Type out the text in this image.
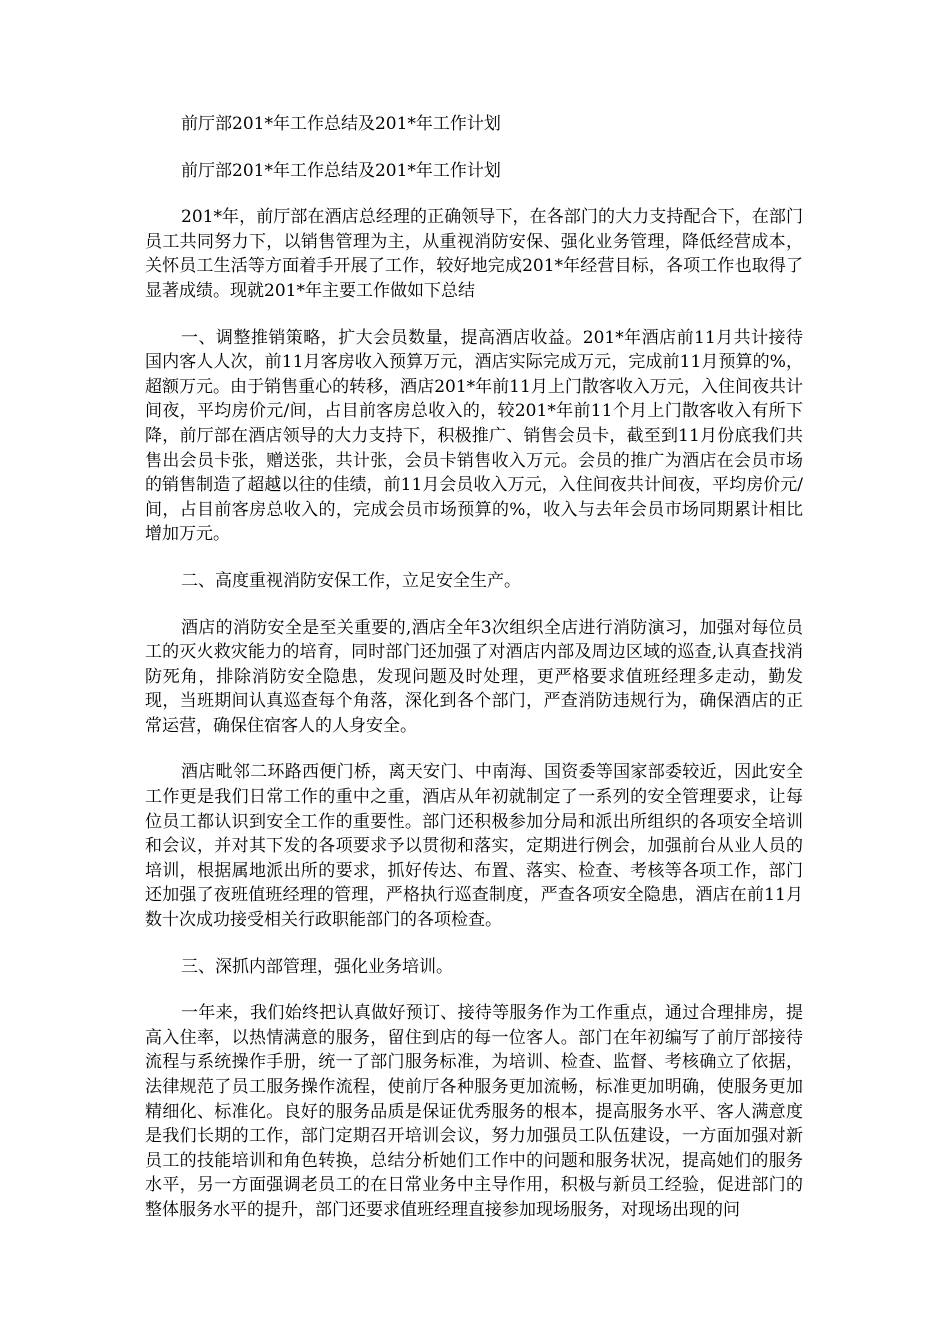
前厅部201*年工作总结及201*年工作计划

前厅部201*年工作总结及201*年工作计划

201*年，前厅部在酒店总经理的正确领导下，在各部门的大力支持配合下，在部门员工共同努力下，以销售管理为主，从重视消防安保、强化业务管理，降低经营成本，关怀员工生活等方面着手开展了工作，较好地完成201*年经营目标，各项工作也取得了显著成绩。现就201*年主要工作做如下总结

一、调整推销策略，扩大会员数量，提高酒店收益。201*年酒店前11月共计接待国内客人人次，前11月客房收入预算万元，酒店实际完成万元，完成前11月预算的%，超额万元。由于销售重心的转移，酒店201*年前11月上门散客收入万元，入住间夜共计间夜，平均房价元/间，占目前客房总收入的，较201*年前11个月上门散客收入有所下降，前厅部在酒店领导的大力支持下，积极推广、销售会员卡，截至到11月份底我们共售出会员卡张，赠送张，共计张，会员卡销售收入万元。会员的推广为酒店在会员市场的销售制造了超越以往的佳绩，前11月会员收入万元，入住间夜共计间夜，平均房价元/间，占目前客房总收入的，完成会员市场预算的%，收入与去年会员市场同期累计相比增加万元。

二、高度重视消防安保工作，立足安全生产。

酒店的消防安全是至关重要的,酒店全年3次组织全店进行消防演习，加强对每位员工的灭火救灾能力的培育，同时部门还加强了对酒店内部及周边区域的巡查,认真查找消防死角，排除消防安全隐患，发现问题及时处理，更严格要求值班经理多走动，勤发现，当班期间认真巡查每个角落，深化到各个部门，严查消防违规行为，确保酒店的正常运营，确保住宿客人的人身安全。

酒店毗邻二环路西便门桥，离天安门、中南海、国资委等国家部委较近，因此安全工作更是我们日常工作的重中之重，酒店从年初就制定了一系列的安全管理要求，让每位员工都认识到安全工作的重要性。部门还积极参加分局和派出所组织的各项安全培训和会议，并对其下发的各项要求予以贯彻和落实，定期进行例会，加强前台从业人员的培训，根据属地派出所的要求，抓好传达、布置、落实、检查、考核等各项工作，部门还加强了夜班值班经理的管理，严格执行巡查制度，严查各项安全隐患，酒店在前11月数十次成功接受相关行政职能部门的各项检查。

三、深抓内部管理，强化业务培训。

一年来，我们始终把认真做好预订、接待等服务作为工作重点，通过合理排房，提高入住率，以热情满意的服务，留住到店的每一位客人。部门在年初编写了前厅部接待流程与系统操作手册，统一了部门服务标准，为培训、检查、监督、考核确立了依据，法律规范了员工服务操作流程，使前厅各种服务更加流畅，标准更加明确，使服务更加精细化、标准化。良好的服务品质是保证优秀服务的根本，提高服务水平、客人满意度是我们长期的工作，部门定期召开培训会议，努力加强员工队伍建设，一方面加强对新员工的技能培训和角色转换，总结分析她们工作中的问题和服务状况，提高她们的服务水平，另一方面强调老员工的在日常业务中主导作用，积极与新员工经验，促进部门的整体服务水平的提升，部门还要求值班经理直接参加现场服务，对现场出现的问
